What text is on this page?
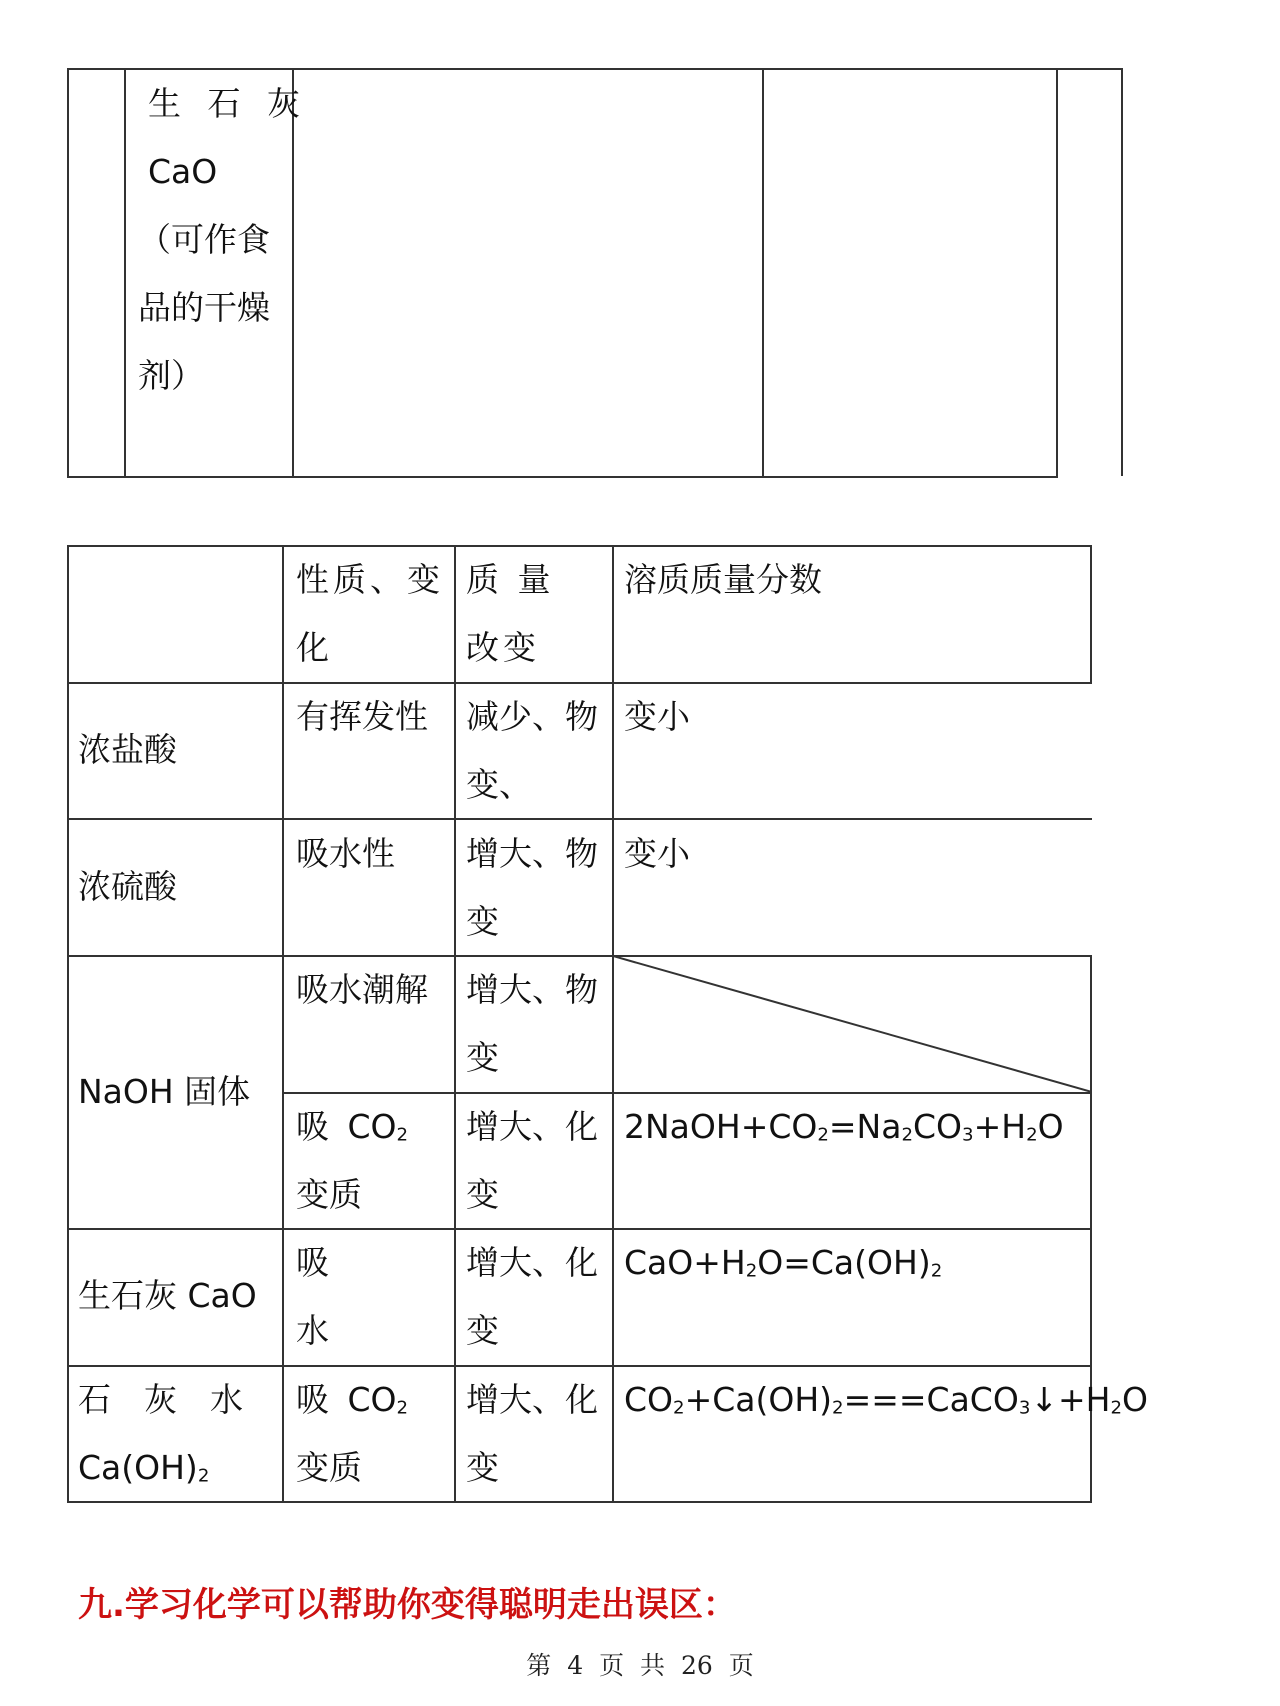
生 石 灰
CaO
（可作食
品的干燥
剂）
性质、变化
质 量 改变
溶质质量分数
浓盐酸
有挥发性 减少、物变、
变小
浓硫酸
吸水性 增大、物变
变小
NaOH 固体
吸水潮解 增大、物变
吸 $CO_2$ 变质
增大、化变
$2NaOH+CO_2=Na_2CO_3+H_2O$
生石灰 CaO
吸水
增大、化变
$CaO+H_2O=Ca(OH)_2$
石　灰　水
$Ca(OH)_2$
吸 $CO_2$ 变质
增大、化变
$CO_2+Ca(OH)_2===CaCO_3↓+H_2O$
九.学习化学可以帮助你变得聪明走出误区：
第 4 页 共 26 页
